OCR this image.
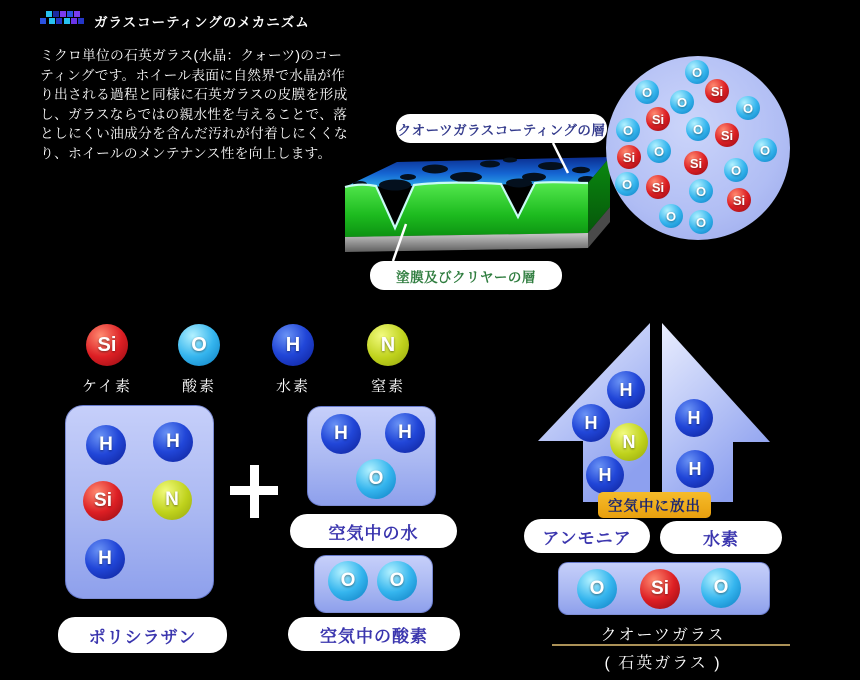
ガラスコーティングのメカニズム
ミクロ単位の石英ガラス(水晶：クォーツ)のコー
ティングです。ホイール表面に自然界で水晶が作
り出される過程と同様に石英ガラスの皮膜を形成
し、ガラスならではの親水性を与えることで、落
としにくい油成分を含んだ汚れが付着しにくくな
り、ホイールのメンテナンス性を向上します。
クオーツガラスコーティングの層
塗膜及びクリヤーの層
O
O	Si
O	O
Si
O	O	Si
O	O
Si	Si	O
O	Si	O
Si
O	O
Si
ケイ素
O
酸素
H
水素
N
窒素
H	H
Si	N
H
ポリシラザン
H	H
O
空気中の水
O	O
空気中の酸素
H
H
N
H
H
H
空気中に放出
アンモニア	水素
O	Si	O
クオーツガラス
( 石英ガラス )
